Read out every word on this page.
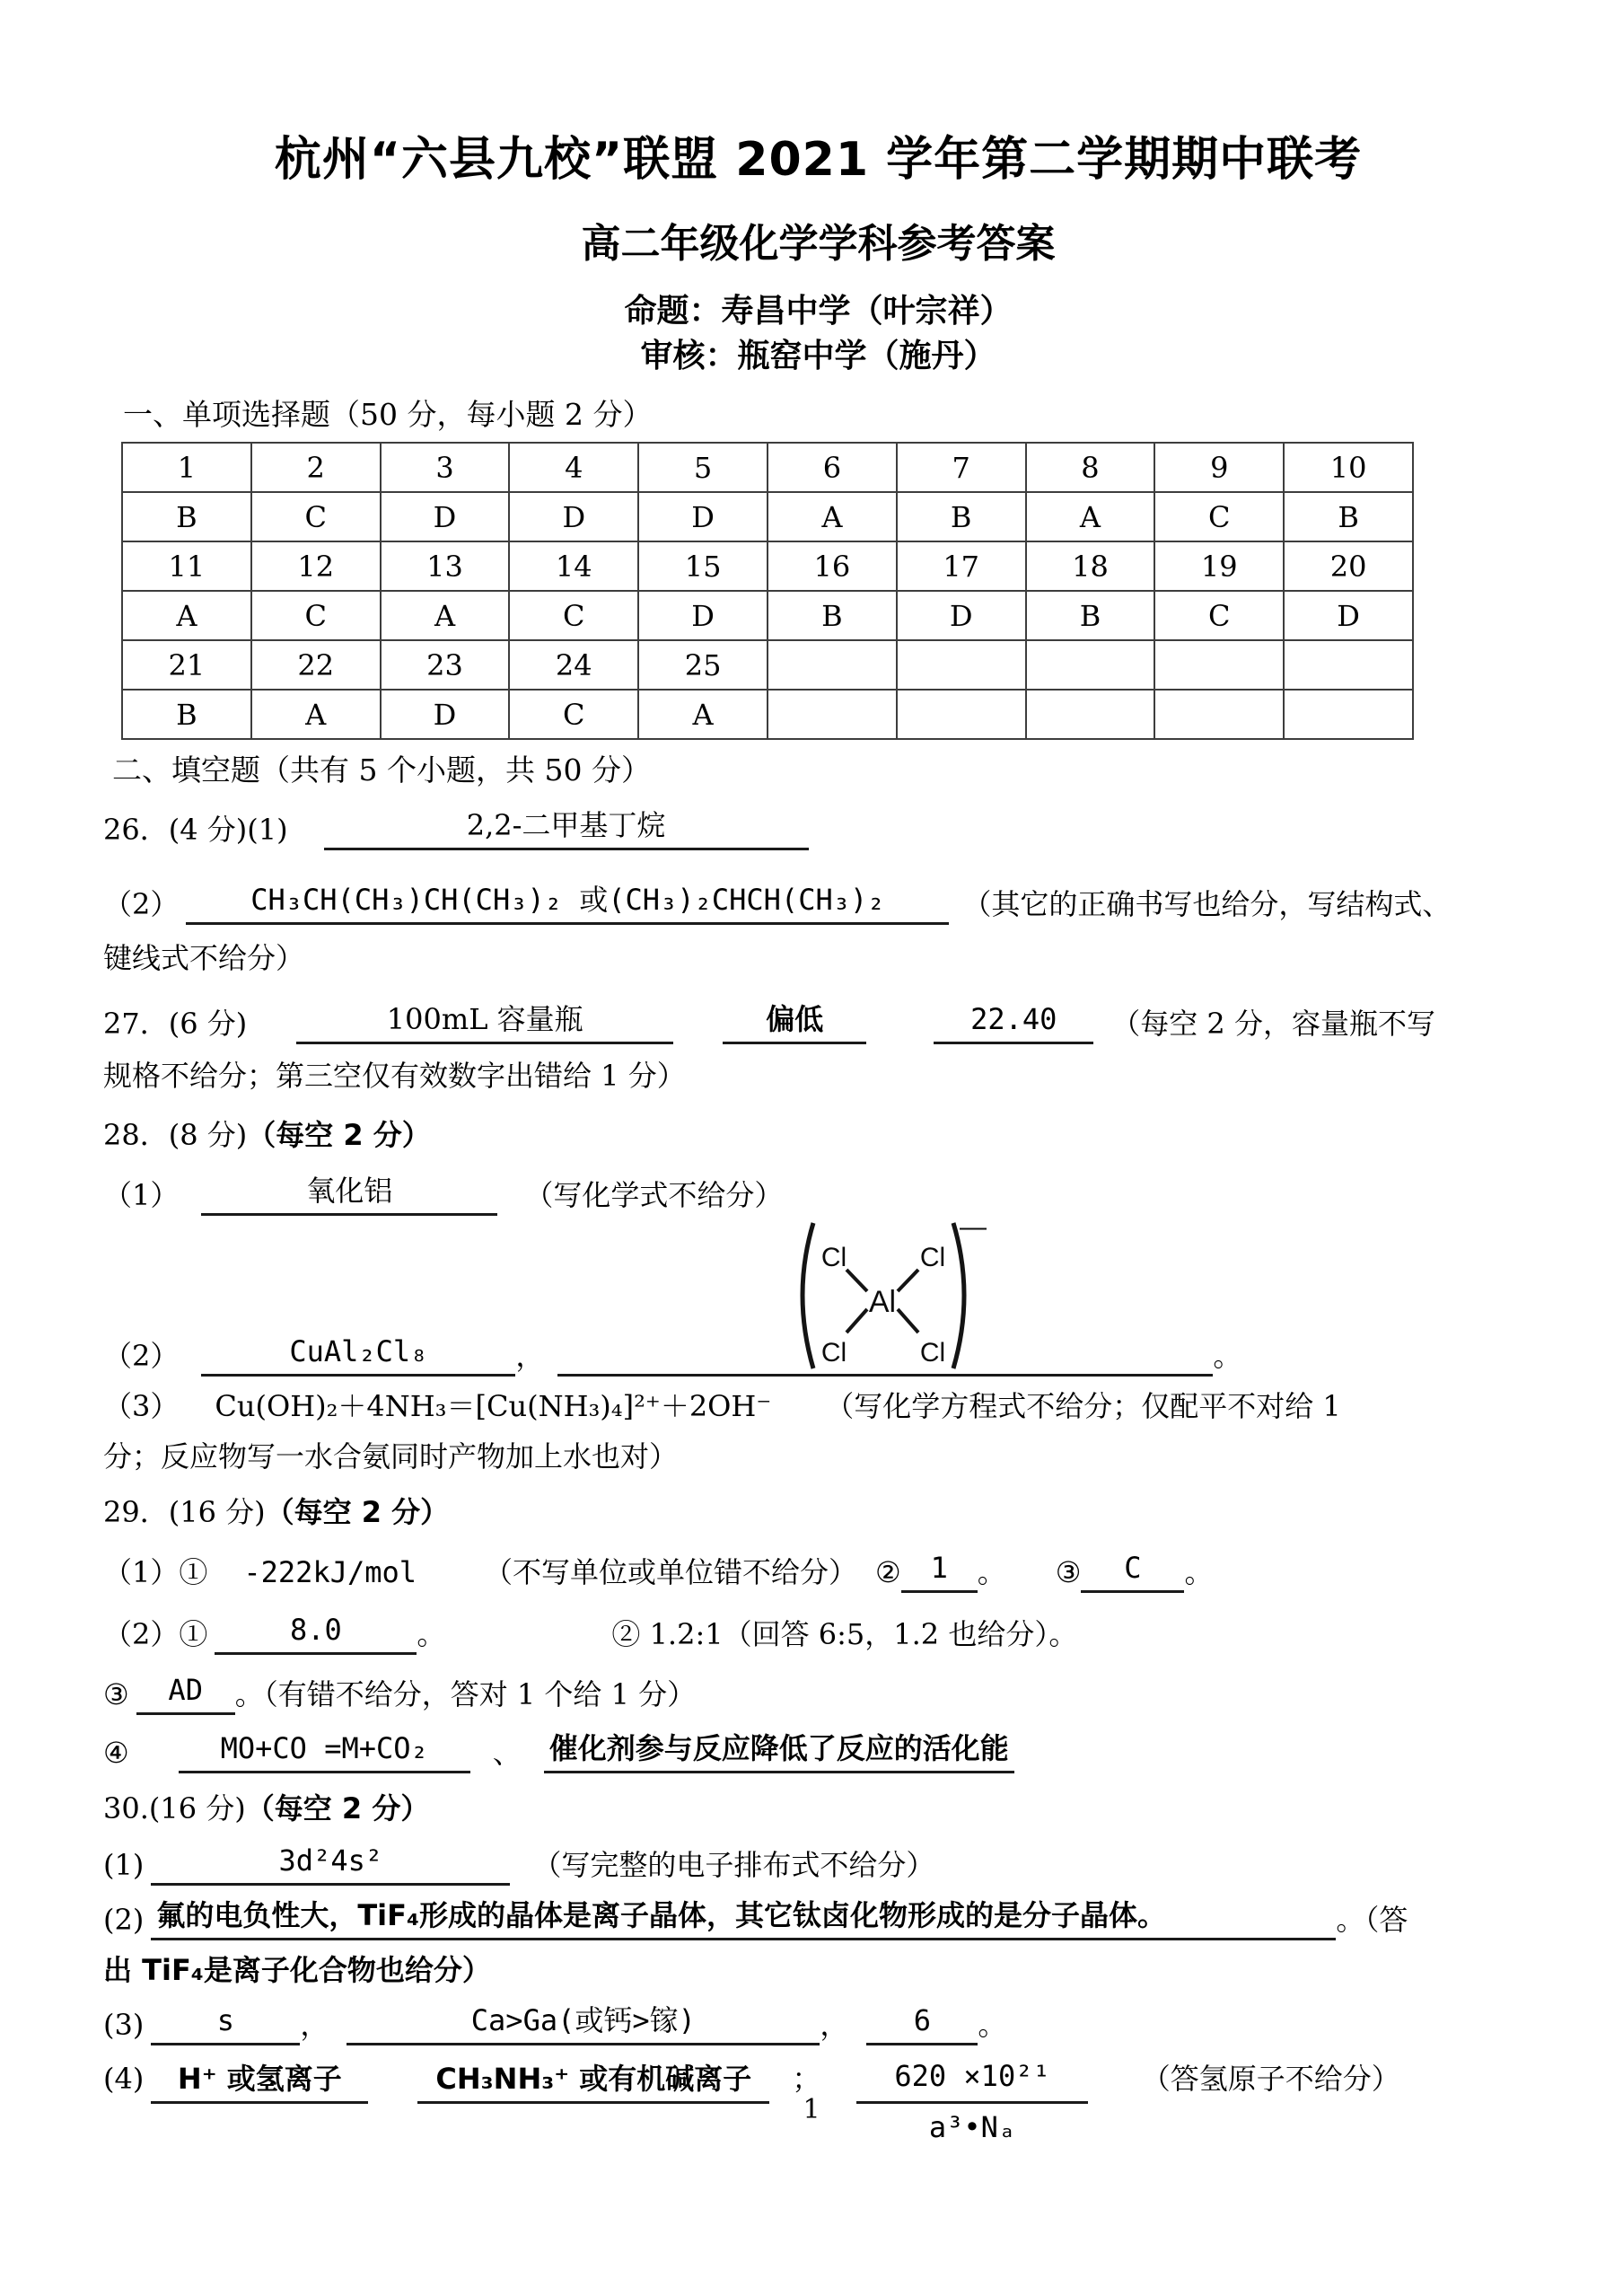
杭州“六县九校”联盟 2021 学年第二学期期中联考
高二年级化学学科参考答案

命题：寿昌中学（叶宗祥）

审核：瓶窑中学（施丹）

一、单项选择题（50 分，每小题 2 分）

1	2	3	4	5	6	7	8	9	10
B	C	D	D	D	A	B	A	C	B
11	12	13	14	15	16	17	18	19	20
A	C	A	C	D	B	D	B	C	D
21	22	23	24	25					
B	A	D	C	A					

二、填空题（共有 5 个小题，共 50 分）

26．(4 分)(1)	2,2-二甲基丁烷

（2） CH₃CH(CH₃)CH(CH₃)₂ 或(CH₃)₂CHCH(CH₃)₂	（其它的正确书写也给分，写结构式、

键线式不给分）

27．(6 分)	100mL 容量瓶	偏低	22.40 （每空 2 分，容量瓶不写

规格不给分；第三空仅有效数字出错给 1 分）

28．(8 分)（每空 2 分）

（1）	氧化铝	（写化学式不给分）

（2）	CuAl₂Cl₈	，
Al
Cl	Cl
Cl	Cl
—
。

（3） Cu(OH)₂＋4NH₃＝[Cu(NH₃)₄]²⁺＋2OH⁻ （写化学方程式不给分；仅配平不对给 1

分；反应物写一水合氨同时产物加上水也对）

29．(16 分)（每空 2 分）

（1）① -222kJ/mol （不写单位或单位错不给分） ② 1 。 ③ C 。

（2）①	8.0	。	② 1.2:1（回答 6:5，1.2 也给分）。

③ AD 。（有错不给分，答对 1 个给 1 分）

④	MO+CO =M+CO₂ 、 催化剂参与反应降低了反应的活化能

30.(16 分)（每空 2 分）

(1)	3d²4s²	（写完整的电子排布式不给分）

(2) 氟的电负性大，TiF₄形成的晶体是离子晶体，其它钛卤化物形成的是分子晶体。	。（答

出 TiF₄是离子化合物也给分）

(3)	s ，	Ca>Ga(或钙>镓)	， 6 。

(4)	H⁺ 或氢离子	CH₃NH₃⁺ 或有机碱离子	； $\frac{\text{620 ×10²¹}}{\text{a³•Nₐ}}$ （答氢原子不给分）

1
